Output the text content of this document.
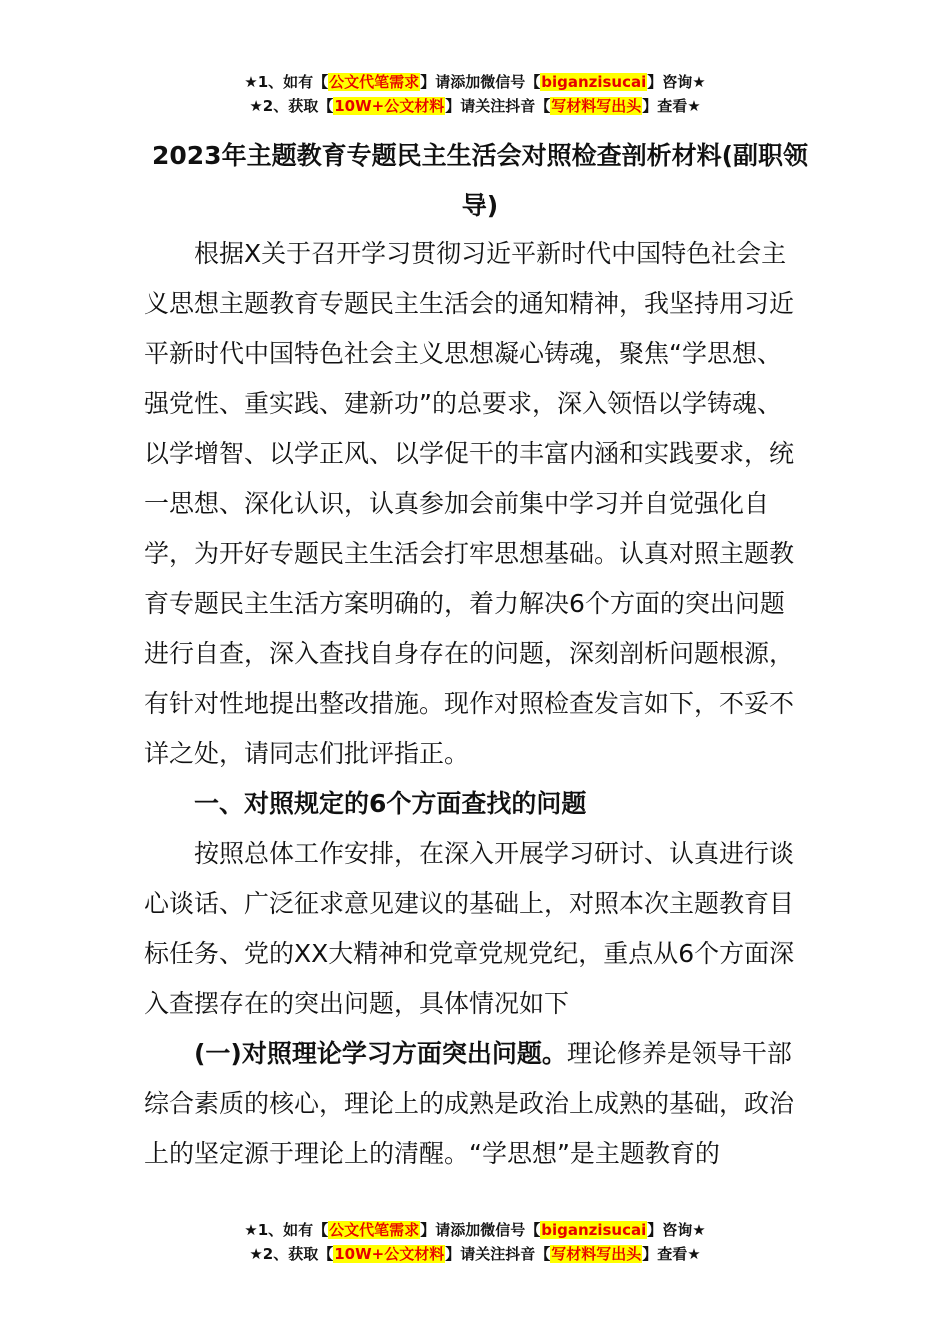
★1、如有【公文代笔需求】请添加微信号【biganzisucai】咨询★
★2、获取【10W+公文材料】请关注抖音【写材料写出头】查看★
2023年主题教育专题民主生活会对照检查剖析材料(副职领导)

根据X关于召开学习贯彻习近平新时代中国特色社会主义思想主题教育专题民主生活会的通知精神，我坚持用习近平新时代中国特色社会主义思想凝心铸魂，聚焦“学思想、强党性、重实践、建新功”的总要求，深入领悟以学铸魂、以学增智、以学正风、以学促干的丰富内涵和实践要求，统一思想、深化认识，认真参加会前集中学习并自觉强化自学，为开好专题民主生活会打牢思想基础。认真对照主题教育专题民主生活方案明确的，着力解决6个方面的突出问题进行自查，深入查找自身存在的问题，深刻剖析问题根源，有针对性地提出整改措施。现作对照检查发言如下，不妥不详之处，请同志们批评指正。

一、对照规定的6个方面查找的问题

按照总体工作安排，在深入开展学习研讨、认真进行谈心谈话、广泛征求意见建议的基础上，对照本次主题教育目标任务、党的XX大精神和党章党规党纪，重点从6个方面深入查摆存在的突出问题，具体情况如下

(一)对照理论学习方面突出问题。理论修养是领导干部综合素质的核心，理论上的成熟是政治上成熟的基础，政治上的坚定源于理论上的清醒。“学思想”是主题教育的

★1、如有【公文代笔需求】请添加微信号【biganzisucai】咨询★
★2、获取【10W+公文材料】请关注抖音【写材料写出头】查看★
